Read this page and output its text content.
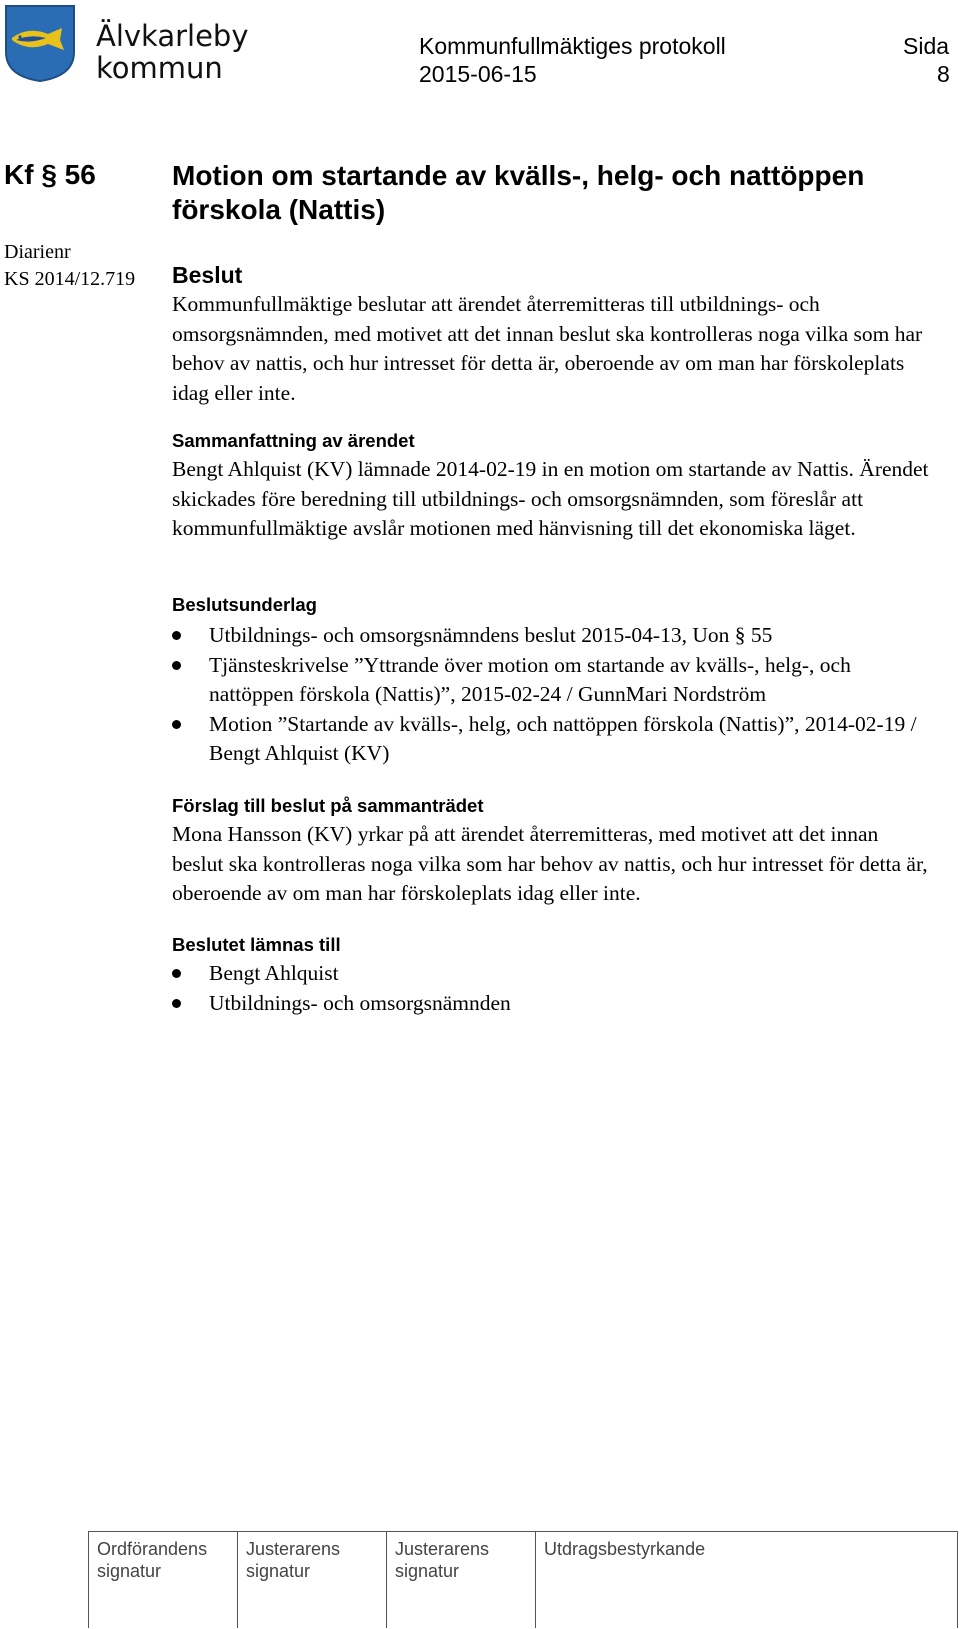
Älvkarleby
kommun
Kommunfullmäktiges protokoll
2015-06-15
Sida
8
Kf § 56
Diarienr
KS 2014/12.719
Motion om startande av kvälls-, helg- och nattöppen förskola (Nattis)
Beslut
Kommunfullmäktige beslutar att ärendet återremitteras till utbildnings- och omsorgsnämnden, med motivet att det innan beslut ska kontrolleras noga vilka som har behov av nattis, och hur intresset för detta är, oberoende av om man har förskoleplats idag eller inte.
Sammanfattning av ärendet
Bengt Ahlquist (KV) lämnade 2014-02-19 in en motion om startande av Nattis. Ärendet skickades före beredning till utbildnings- och omsorgsnämnden, som föreslår att kommunfullmäktige avslår motionen med hänvisning till det ekonomiska läget.
Beslutsunderlag
Utbildnings- och omsorgsnämndens beslut 2015-04-13, Uon § 55
Tjänsteskrivelse ”Yttrande över motion om startande av kvälls-, helg-, och nattöppen förskola (Nattis)”, 2015-02-24 / GunnMari Nordström
Motion ”Startande av kvälls-, helg, och nattöppen förskola (Nattis)”, 2014-02-19 / Bengt Ahlquist (KV)
Förslag till beslut på sammanträdet
Mona Hansson (KV) yrkar på att ärendet återremitteras, med motivet att det innan beslut ska kontrolleras noga vilka som har behov av nattis, och hur intresset för detta är, oberoende av om man har förskoleplats idag eller inte.
Beslutet lämnas till
Bengt Ahlquist
Utbildnings- och omsorgsnämnden
Ordförandens
signatur
Justerarens
signatur
Justerarens
signatur
Utdragsbestyrkande
